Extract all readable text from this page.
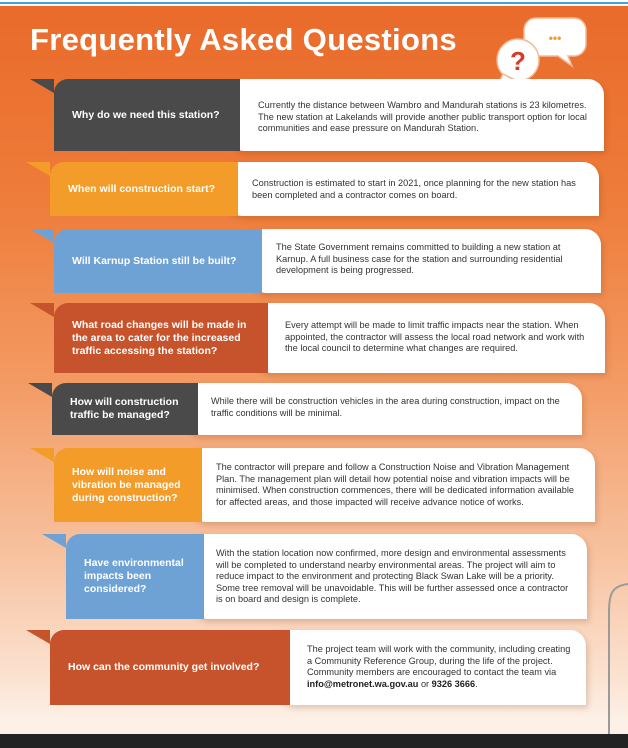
Frequently Asked Questions	•••
?
Currently the distance between Wambro and Mandurah stations is 23 kilometres. The new station at Lakelands will provide another public transport option for local communities and ease pressure on Mandurah Station.
Why do we need this station?
Construction is estimated to start in 2021, once planning for the new station has been completed and a contractor comes on board.
When will construction start?
The State Government remains committed to building a new station at Karnup. A full business case for the station and surrounding residential development is being progressed.
Will Karnup Station still be built?
Every attempt will be made to limit traffic impacts near the station. When appointed, the contractor will assess the local road network and work with the local council to determine what changes are required.
What road changes will be made in the area to cater for the increased traffic accessing the station?
While there will be construction vehicles in the area during construction, impact on the traffic conditions will be minimal.
How will construction traffic be managed?
The contractor will prepare and follow a Construction Noise and Vibration Management Plan. The management plan will detail how potential noise and vibration impacts will be minimised. When construction commences, there will be dedicated information available for affected areas, and those impacted will receive advance notice of works.
How will noise and vibration be managed during construction?
With the station location now confirmed, more design and environmental assessments will be completed to understand nearby environmental areas. The project will aim to reduce impact to the environment and protecting Black Swan Lake will be a priority. Some tree removal will be unavoidable. This will be further assessed once a contractor is on board and design is complete.
Have environmental impacts been considered?
The project team will work with the community, including creating a Community Reference Group, during the life of the project. Community members are encouraged to contact the team via info@metronet.wa.gov.au or 9326 3666.
How can the community get involved?
